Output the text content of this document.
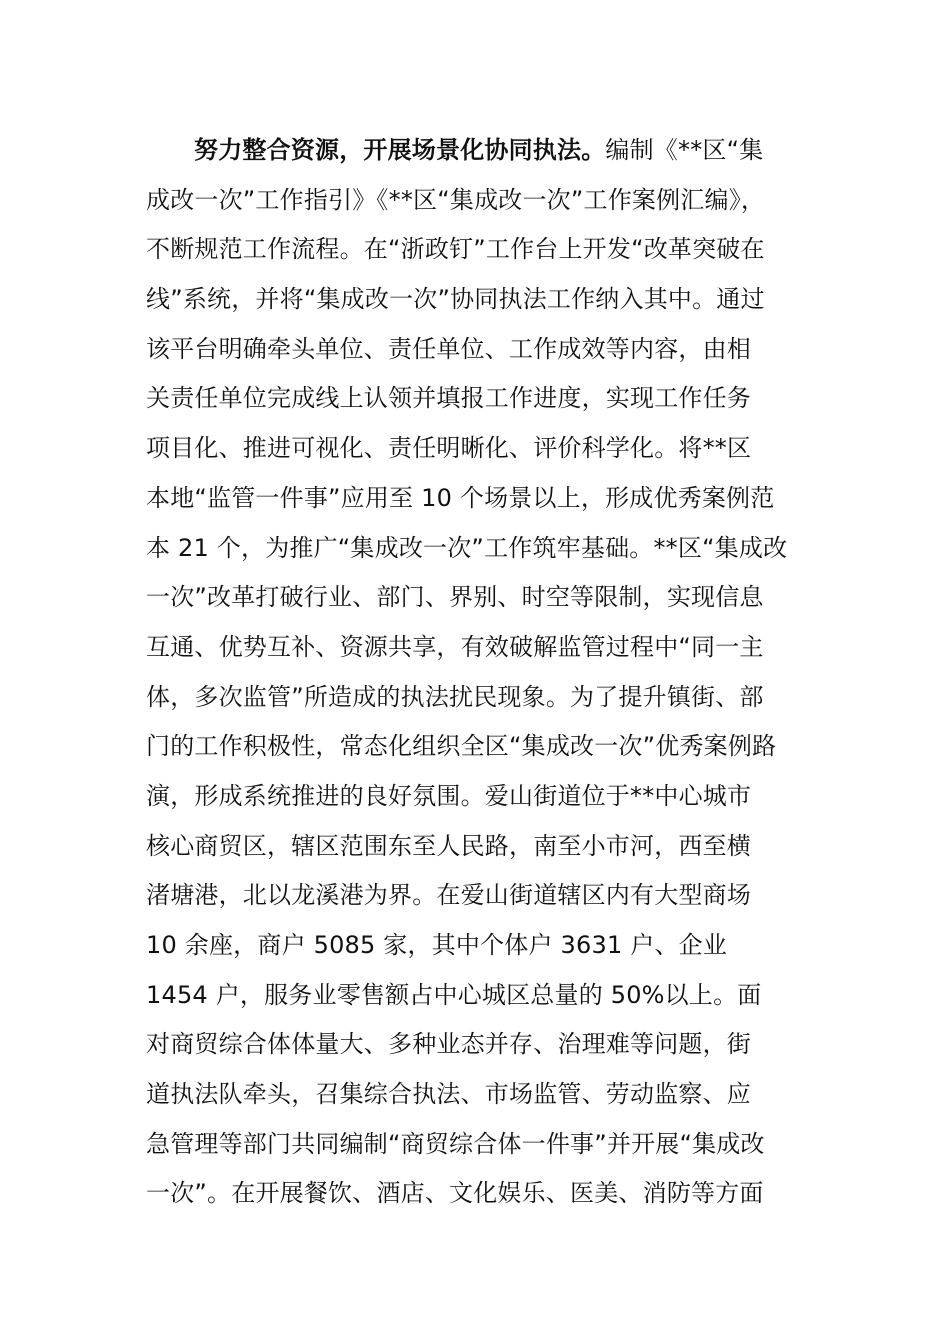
努力整合资源，开展场景化协同执法。编制《**区“集
成改一次”工作指引》《**区“集成改一次”工作案例汇编》，
不断规范工作流程。在“浙政钉”工作台上开发“改革突破在
线”系统，并将“集成改一次”协同执法工作纳入其中。通过
该平台明确牵头单位、责任单位、工作成效等内容，由相
关责任单位完成线上认领并填报工作进度，实现工作任务
项目化、推进可视化、责任明晰化、评价科学化。将**区
本地“监管一件事”应用至 10 个场景以上，形成优秀案例范
本 21 个，为推广“集成改一次”工作筑牢基础。**区“集成改
一次”改革打破行业、部门、界别、时空等限制，实现信息
互通、优势互补、资源共享，有效破解监管过程中“同一主
体，多次监管”所造成的执法扰民现象。为了提升镇街、部
门的工作积极性，常态化组织全区“集成改一次”优秀案例路
演，形成系统推进的良好氛围。爱山街道位于**中心城市
核心商贸区，辖区范围东至人民路，南至小市河，西至横
渚塘港，北以龙溪港为界。在爱山街道辖区内有大型商场
10 余座，商户 5085 家，其中个体户 3631 户、企业
1454 户，服务业零售额占中心城区总量的 50%以上。面
对商贸综合体体量大、多种业态并存、治理难等问题，街
道执法队牵头，召集综合执法、市场监管、劳动监察、应
急管理等部门共同编制“商贸综合体一件事”并开展“集成改
一次”。在开展餐饮、酒店、文化娱乐、医美、消防等方面
